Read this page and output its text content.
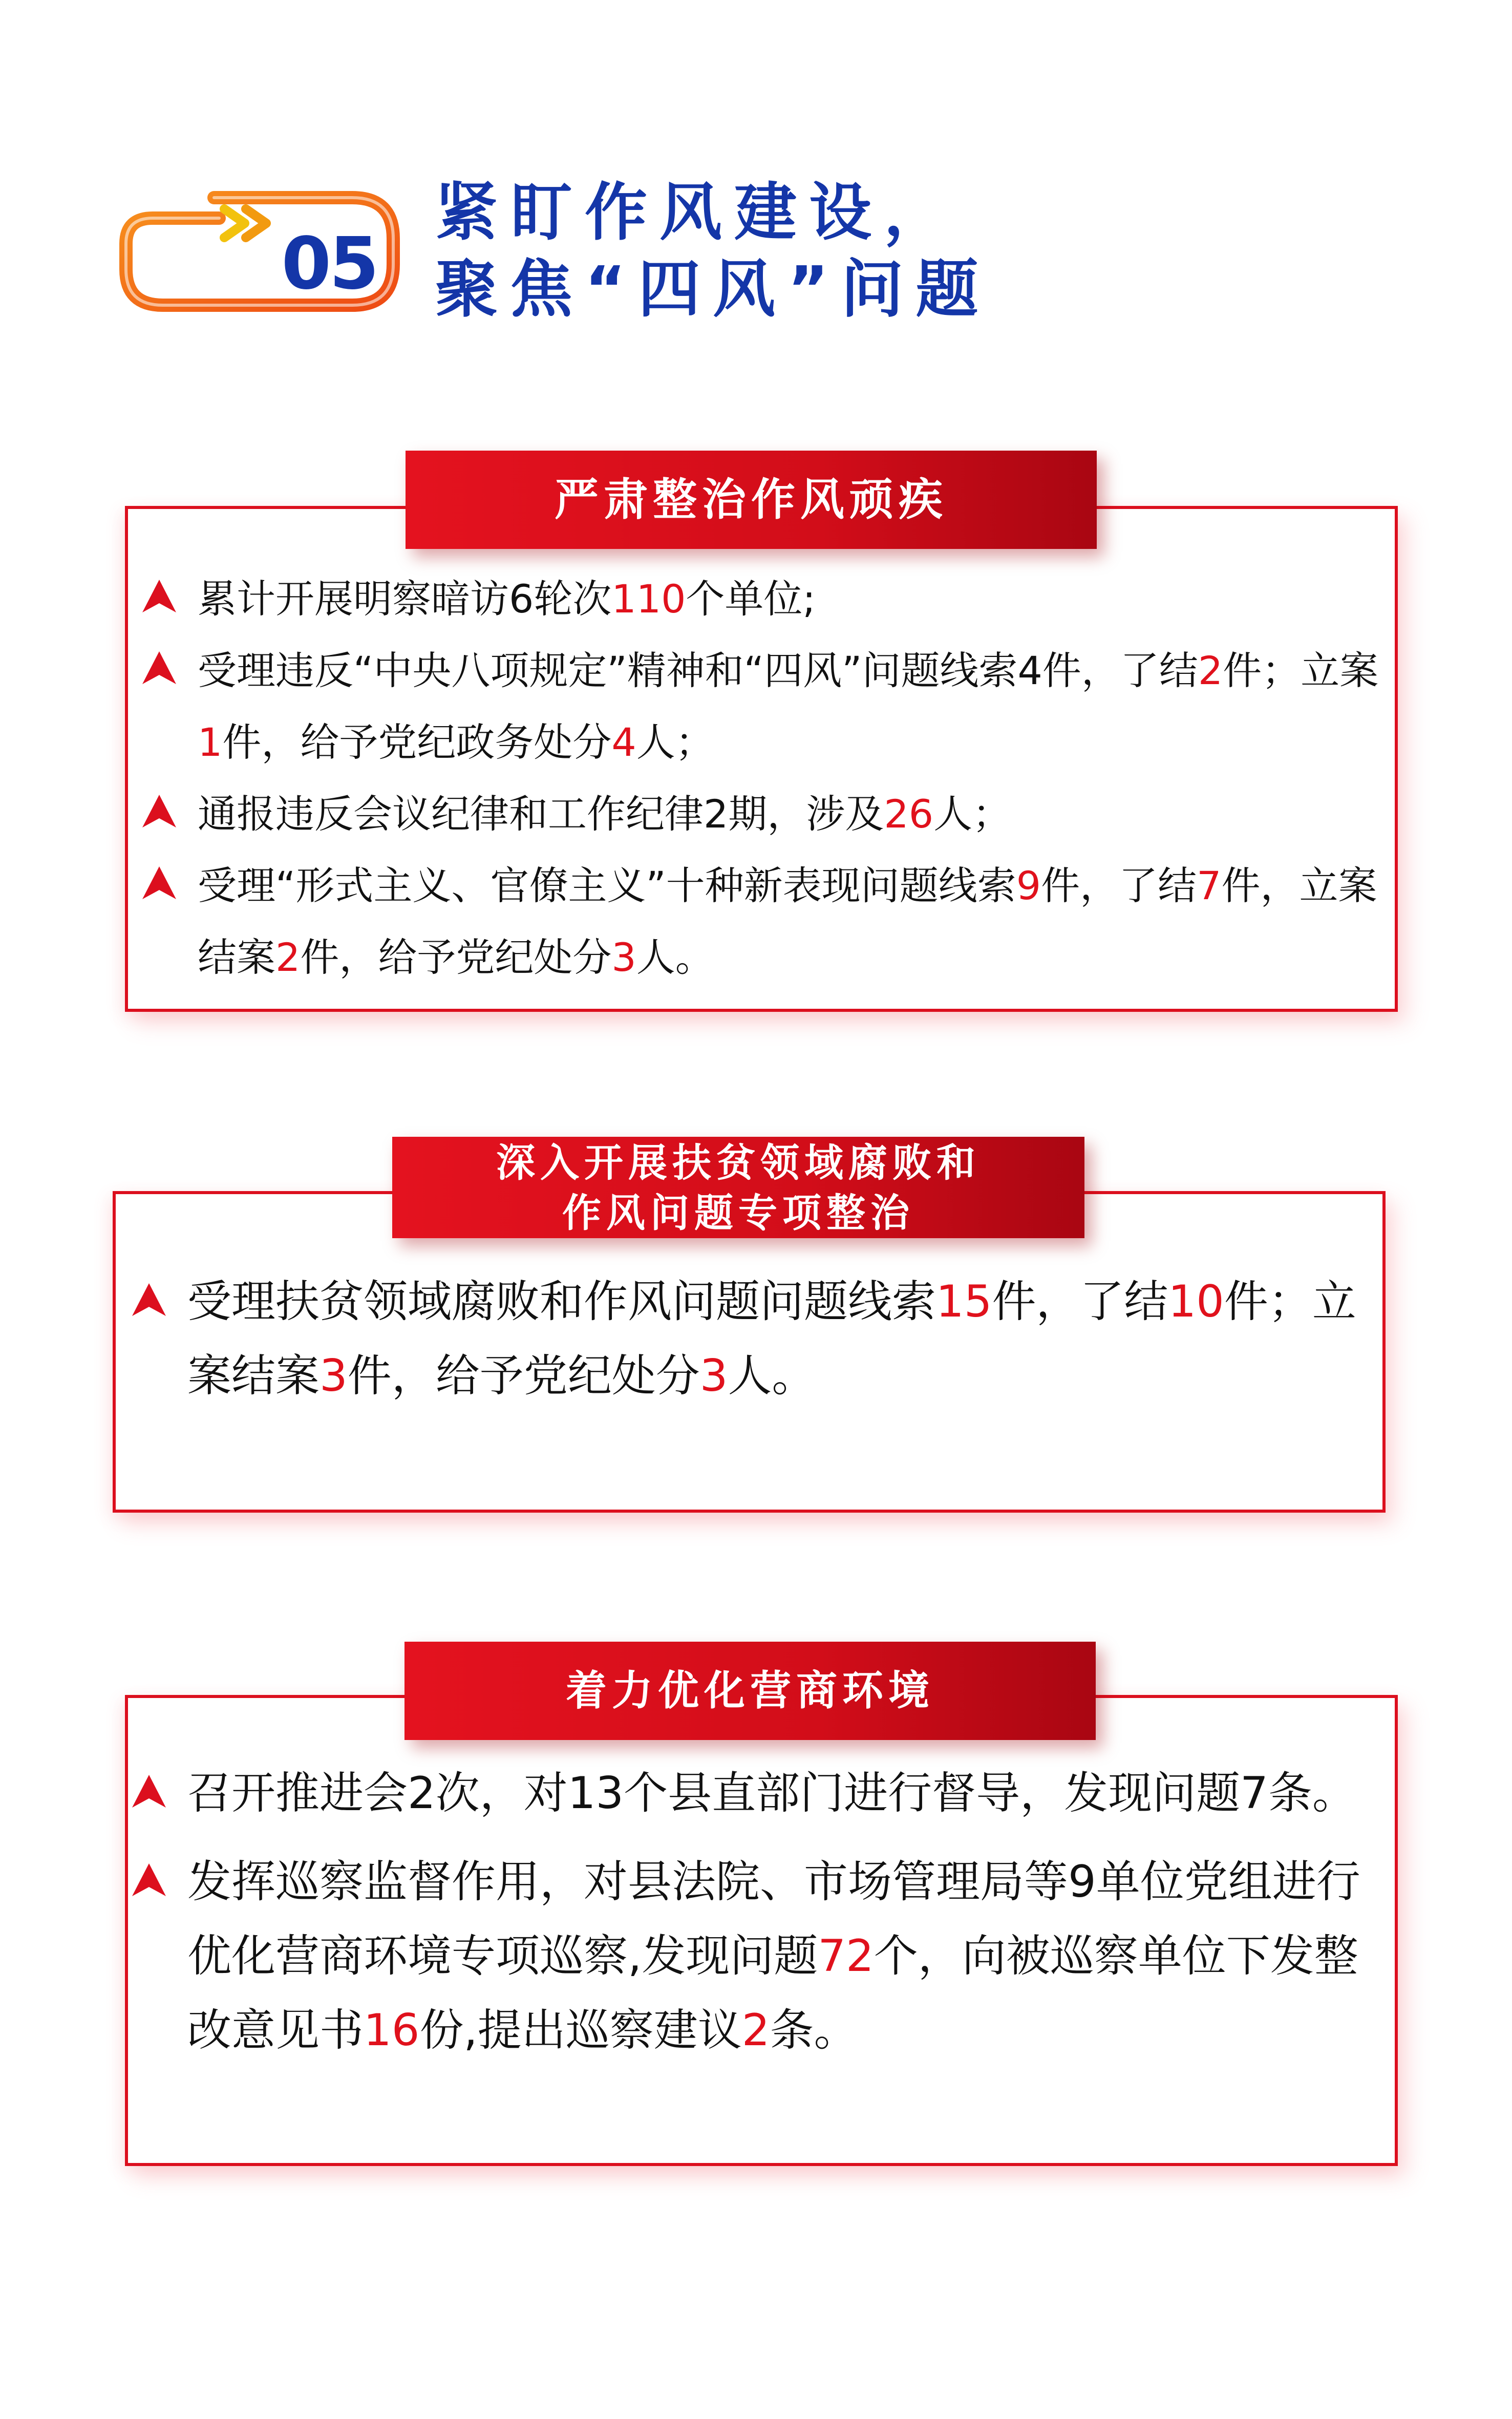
05
紧盯作风建设，
聚焦“四风”问题
严肃整治作风顽疾
累计开展明察暗访6轮次110个单位;
受理违反“中央八项规定”精神和“四风”问题线索4件，了结2件；立案1件，给予党纪政务处分4人；
通报违反会议纪律和工作纪律2期，涉及26人；
受理“形式主义、官僚主义”十种新表现问题线索9件，了结7件，立案结案2件，给予党纪处分3人。
深入开展扶贫领域腐败和
作风问题专项整治
受理扶贫领域腐败和作风问题问题线索15件，了结10件；立案结案3件，给予党纪处分3人。
着力优化营商环境
召开推进会2次，对13个县直部门进行督导，发现问题7条。
发挥巡察监督作用，对县法院、市场管理局等9单位党组进行优化营商环境专项巡察,发现问题72个，向被巡察单位下发整改意见书16份,提出巡察建议2条。
